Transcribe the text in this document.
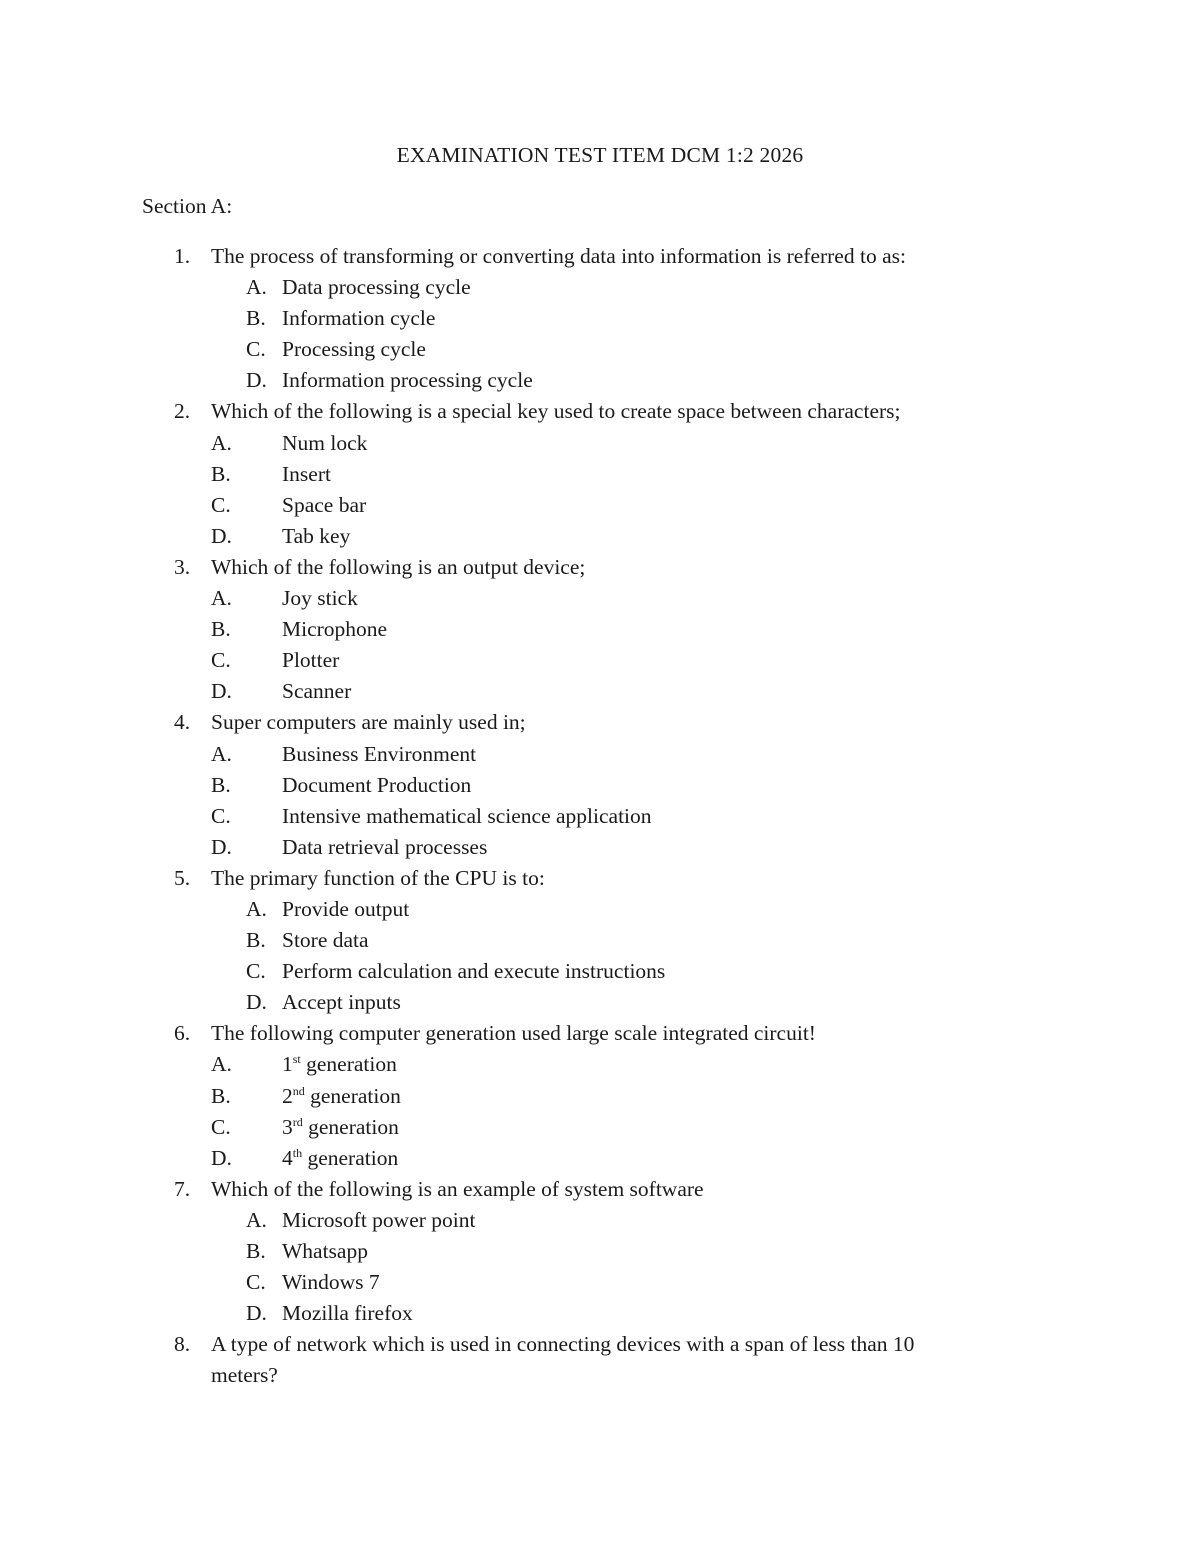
EXAMINATION TEST ITEM DCM 1:2 2026
Section A:
1. The process of transforming or converting data into information is referred to as:
A. Data processing cycle
B. Information cycle
C. Processing cycle
D. Information processing cycle
2. Which of the following is a special key used to create space between characters;
A. Num lock
B. Insert
C. Space bar
D. Tab key
3. Which of the following is an output device;
A. Joy stick
B. Microphone
C. Plotter
D. Scanner
4. Super computers are mainly used in;
A. Business Environment
B. Document Production
C. Intensive mathematical science application
D. Data retrieval processes
5. The primary function of the CPU is to:
A. Provide output
B. Store data
C. Perform calculation and execute instructions
D. Accept inputs
6. The following computer generation used large scale integrated circuit!
A. 1st generation
B. 2nd generation
C. 3rd generation
D. 4th generation
7. Which of the following is an example of system software
A. Microsoft power point
B. Whatsapp
C. Windows 7
D. Mozilla firefox
8. A type of network which is used in connecting devices with a span of less than 10
meters?
